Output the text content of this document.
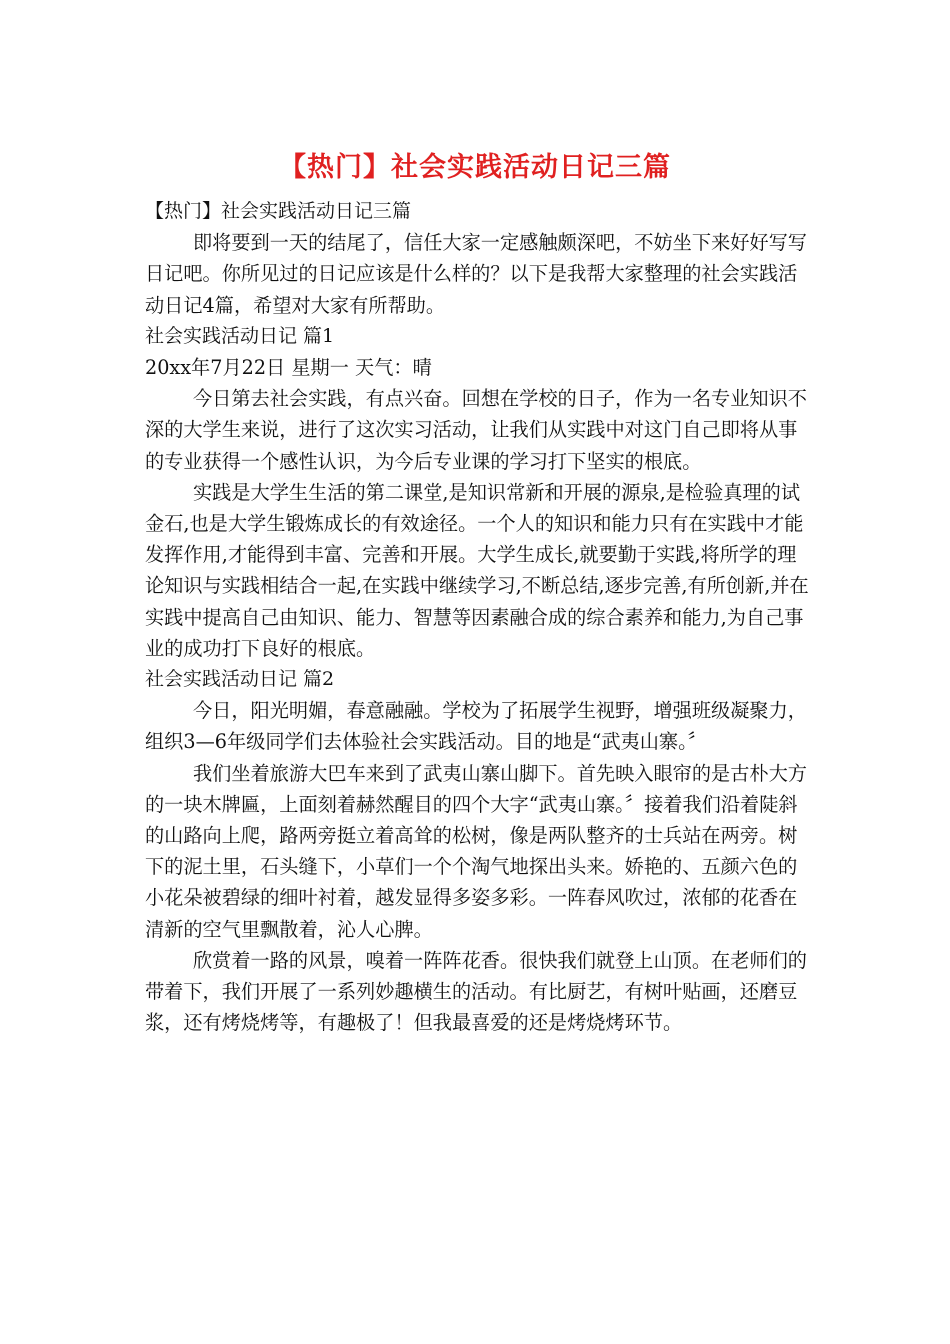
【热门】社会实践活动日记三篇

【热门】社会实践活动日记三篇

即将要到一天的结尾了，信任大家一定感触颇深吧，不妨坐下来好好写写日记吧。你所见过的日记应该是什么样的？以下是我帮大家整理的社会实践活动日记4篇，希望对大家有所帮助。

社会实践活动日记 篇1

20xx年7月22日 星期一 天气：晴

今日第去社会实践，有点兴奋。回想在学校的日子，作为一名专业知识不深的大学生来说，进行了这次实习活动，让我们从实践中对这门自己即将从事的专业获得一个感性认识，为今后专业课的学习打下坚实的根底。

实践是大学生生活的第二课堂,是知识常新和开展的源泉,是检验真理的试金石,也是大学生锻炼成长的有效途径。一个人的知识和能力只有在实践中才能发挥作用,才能得到丰富、完善和开展。大学生成长,就要勤于实践,将所学的理论知识与实践相结合一起,在实践中继续学习,不断总结,逐步完善,有所创新,并在实践中提高自己由知识、能力、智慧等因素融合成的综合素养和能力,为自己事业的成功打下良好的根底。

社会实践活动日记 篇2

今日，阳光明媚，春意融融。学校为了拓展学生视野，增强班级凝聚力，组织3—6年级同学们去体验社会实践活动。目的地是“武夷山寨。〞

我们坐着旅游大巴车来到了武夷山寨山脚下。首先映入眼帘的是古朴大方的一块木牌匾，上面刻着赫然醒目的四个大字“武夷山寨。〞接着我们沿着陡斜的山路向上爬，路两旁挺立着高耸的松树，像是两队整齐的士兵站在两旁。树下的泥土里，石头缝下，小草们一个个淘气地探出头来。娇艳的、五颜六色的小花朵被碧绿的细叶衬着，越发显得多姿多彩。一阵春风吹过，浓郁的花香在清新的空气里飘散着，沁人心脾。

欣赏着一路的风景，嗅着一阵阵花香。很快我们就登上山顶。在老师们的带着下，我们开展了一系列妙趣横生的活动。有比厨艺，有树叶贴画，还磨豆浆，还有烤烧烤等，有趣极了！但我最喜爱的还是烤烧烤环节。
